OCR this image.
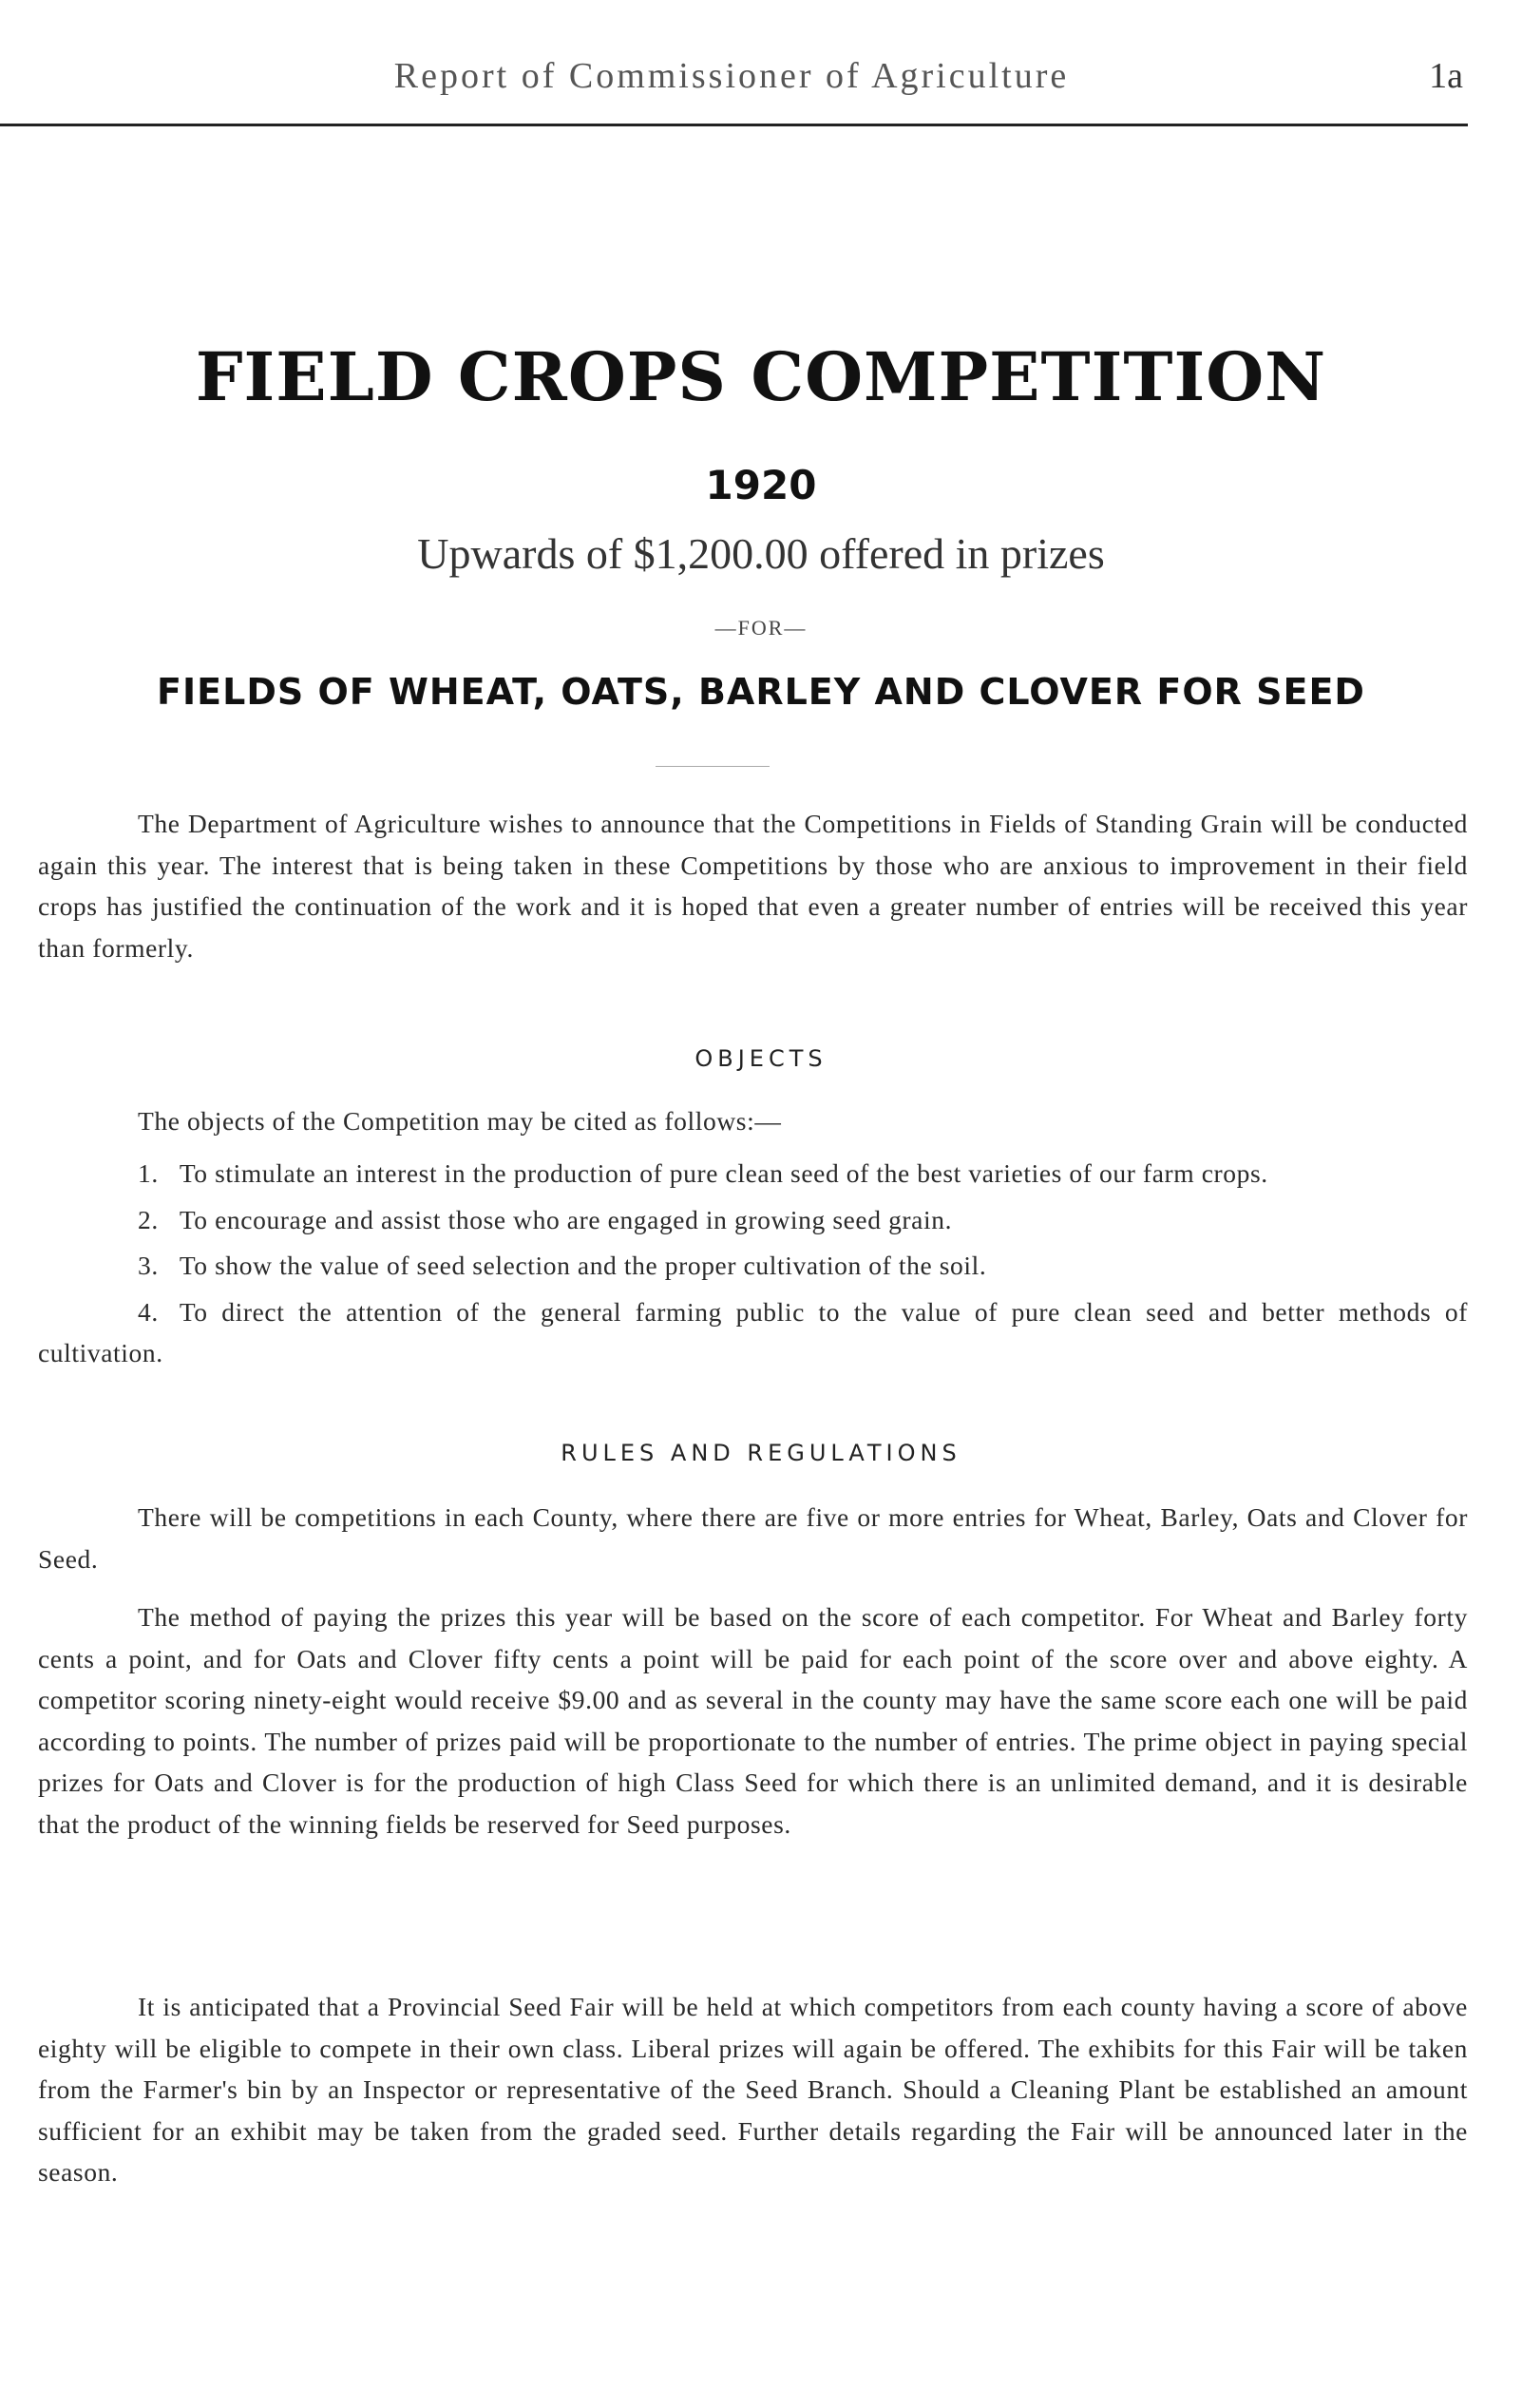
Report of Commissioner of Agriculture	1a
FIELD CROPS COMPETITION
1920
Upwards of $1,200.00 offered in prizes
—FOR—
FIELDS OF WHEAT, OATS, BARLEY AND CLOVER FOR SEED

The Department of Agriculture wishes to announce that the Competitions in Fields of Standing Grain will be conducted again this year. The interest that is being taken in these Competitions by those who are anxious to improvement in their field crops has justified the continuation of the work and it is hoped that even a greater number of entries will be received this year than formerly.

OBJECTS

The objects of the Competition may be cited as follows:—

1. To stimulate an interest in the production of pure clean seed of the best varieties of our farm crops.
2. To encourage and assist those who are engaged in growing seed grain.
3. To show the value of seed selection and the proper cultivation of the soil.
4. To direct the attention of the general farming public to the value of pure clean seed and better methods of cultivation.
RULES AND REGULATIONS

There will be competitions in each County, where there are five or more entries for Wheat, Barley, Oats and Clover for Seed.

The method of paying the prizes this year will be based on the score of each competitor. For Wheat and Barley forty cents a point, and for Oats and Clover fifty cents a point will be paid for each point of the score over and above eighty. A competitor scoring ninety-eight would receive $9.00 and as several in the county may have the same score each one will be paid according to points. The number of prizes paid will be proportionate to the number of entries. The prime object in paying special prizes for Oats and Clover is for the production of high Class Seed for which there is an unlimited demand, and it is desirable that the product of the winning fields be reserved for Seed purposes.

It is anticipated that a Provincial Seed Fair will be held at which competitors from each county having a score of above eighty will be eligible to compete in their own class. Liberal prizes will again be offered. The exhibits for this Fair will be taken from the Farmer's bin by an Inspector or representative of the Seed Branch. Should a Cleaning Plant be established an amount sufficient for an exhibit may be taken from the graded seed. Further details regarding the Fair will be announced later in the season.
